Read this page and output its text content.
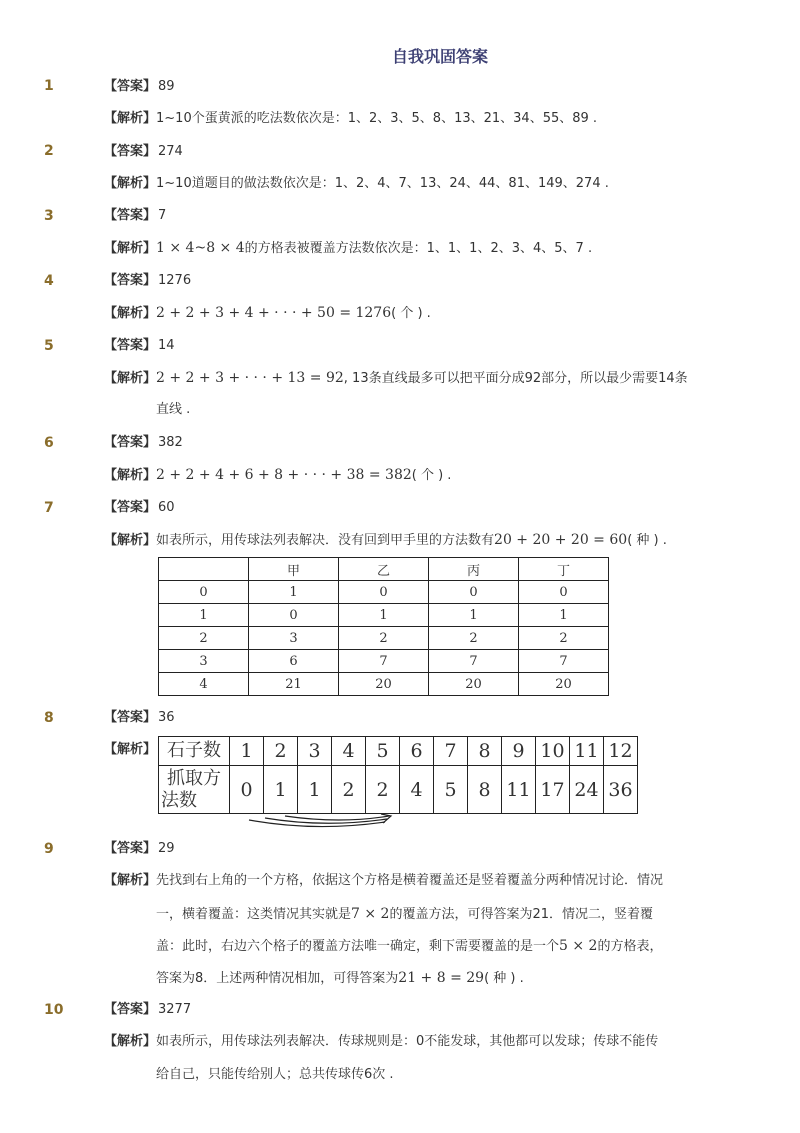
自我巩固答案
1	【答案】 89
【解析】1~10个蛋黄派的吃法数依次是：1、2、3、5、8、13、21、34、55、89 .
2	【答案】 274
【解析】1~10道题目的做法数依次是：1、2、4、7、13、24、44、81、149、274 .
3	【答案】 7
【解析】1 × 4~8 × 4的方格表被覆盖方法数依次是：1、1、1、2、3、4、5、7 .
4	【答案】 1276
【解析】2 + 2 + 3 + 4 + · · · + 50 = 1276( 个 ) .
5	【答案】 14
【解析】2 + 2 + 3 + · · · + 13 = 92, 13条直线最多可以把平面分成92部分，所以最少需要14条
直线 .
6	【答案】 382
【解析】2 + 2 + 4 + 6 + 8 + · · · + 38 = 382( 个 ) .
7	【答案】 60
【解析】如表所示，用传球法列表解决．没有回到甲手里的方法数有20 + 20 + 20 = 60( 种 ) .
	甲	乙	丙	丁
0	1	0	0	0
1	0	1	1	1
2	3	2	2	2
3	6	7	7	7
4	21	20	20	20
8	【答案】 36
【解析】 石子数	1	2	3	4	5	6	7	8	9	10	11	12

抓取方
法数	0	1	1	2	2	4	5	8	11	17	24	36
9	【答案】 29
【解析】先找到右上角的一个方格，依据这个方格是横着覆盖还是竖着覆盖分两种情况讨论．情况
一，横着覆盖：这类情况其实就是7 × 2的覆盖方法，可得答案为21．情况二，竖着覆
盖：此时，右边六个格子的覆盖方法唯一确定，剩下需要覆盖的是一个5 × 2的方格表，
答案为8．上述两种情况相加，可得答案为21 + 8 = 29( 种 ) .
10	【答案】 3277
【解析】如表所示，用传球法列表解决．传球规则是：0不能发球，其他都可以发球；传球不能传
给自己，只能传给别人；总共传球传6次 .
